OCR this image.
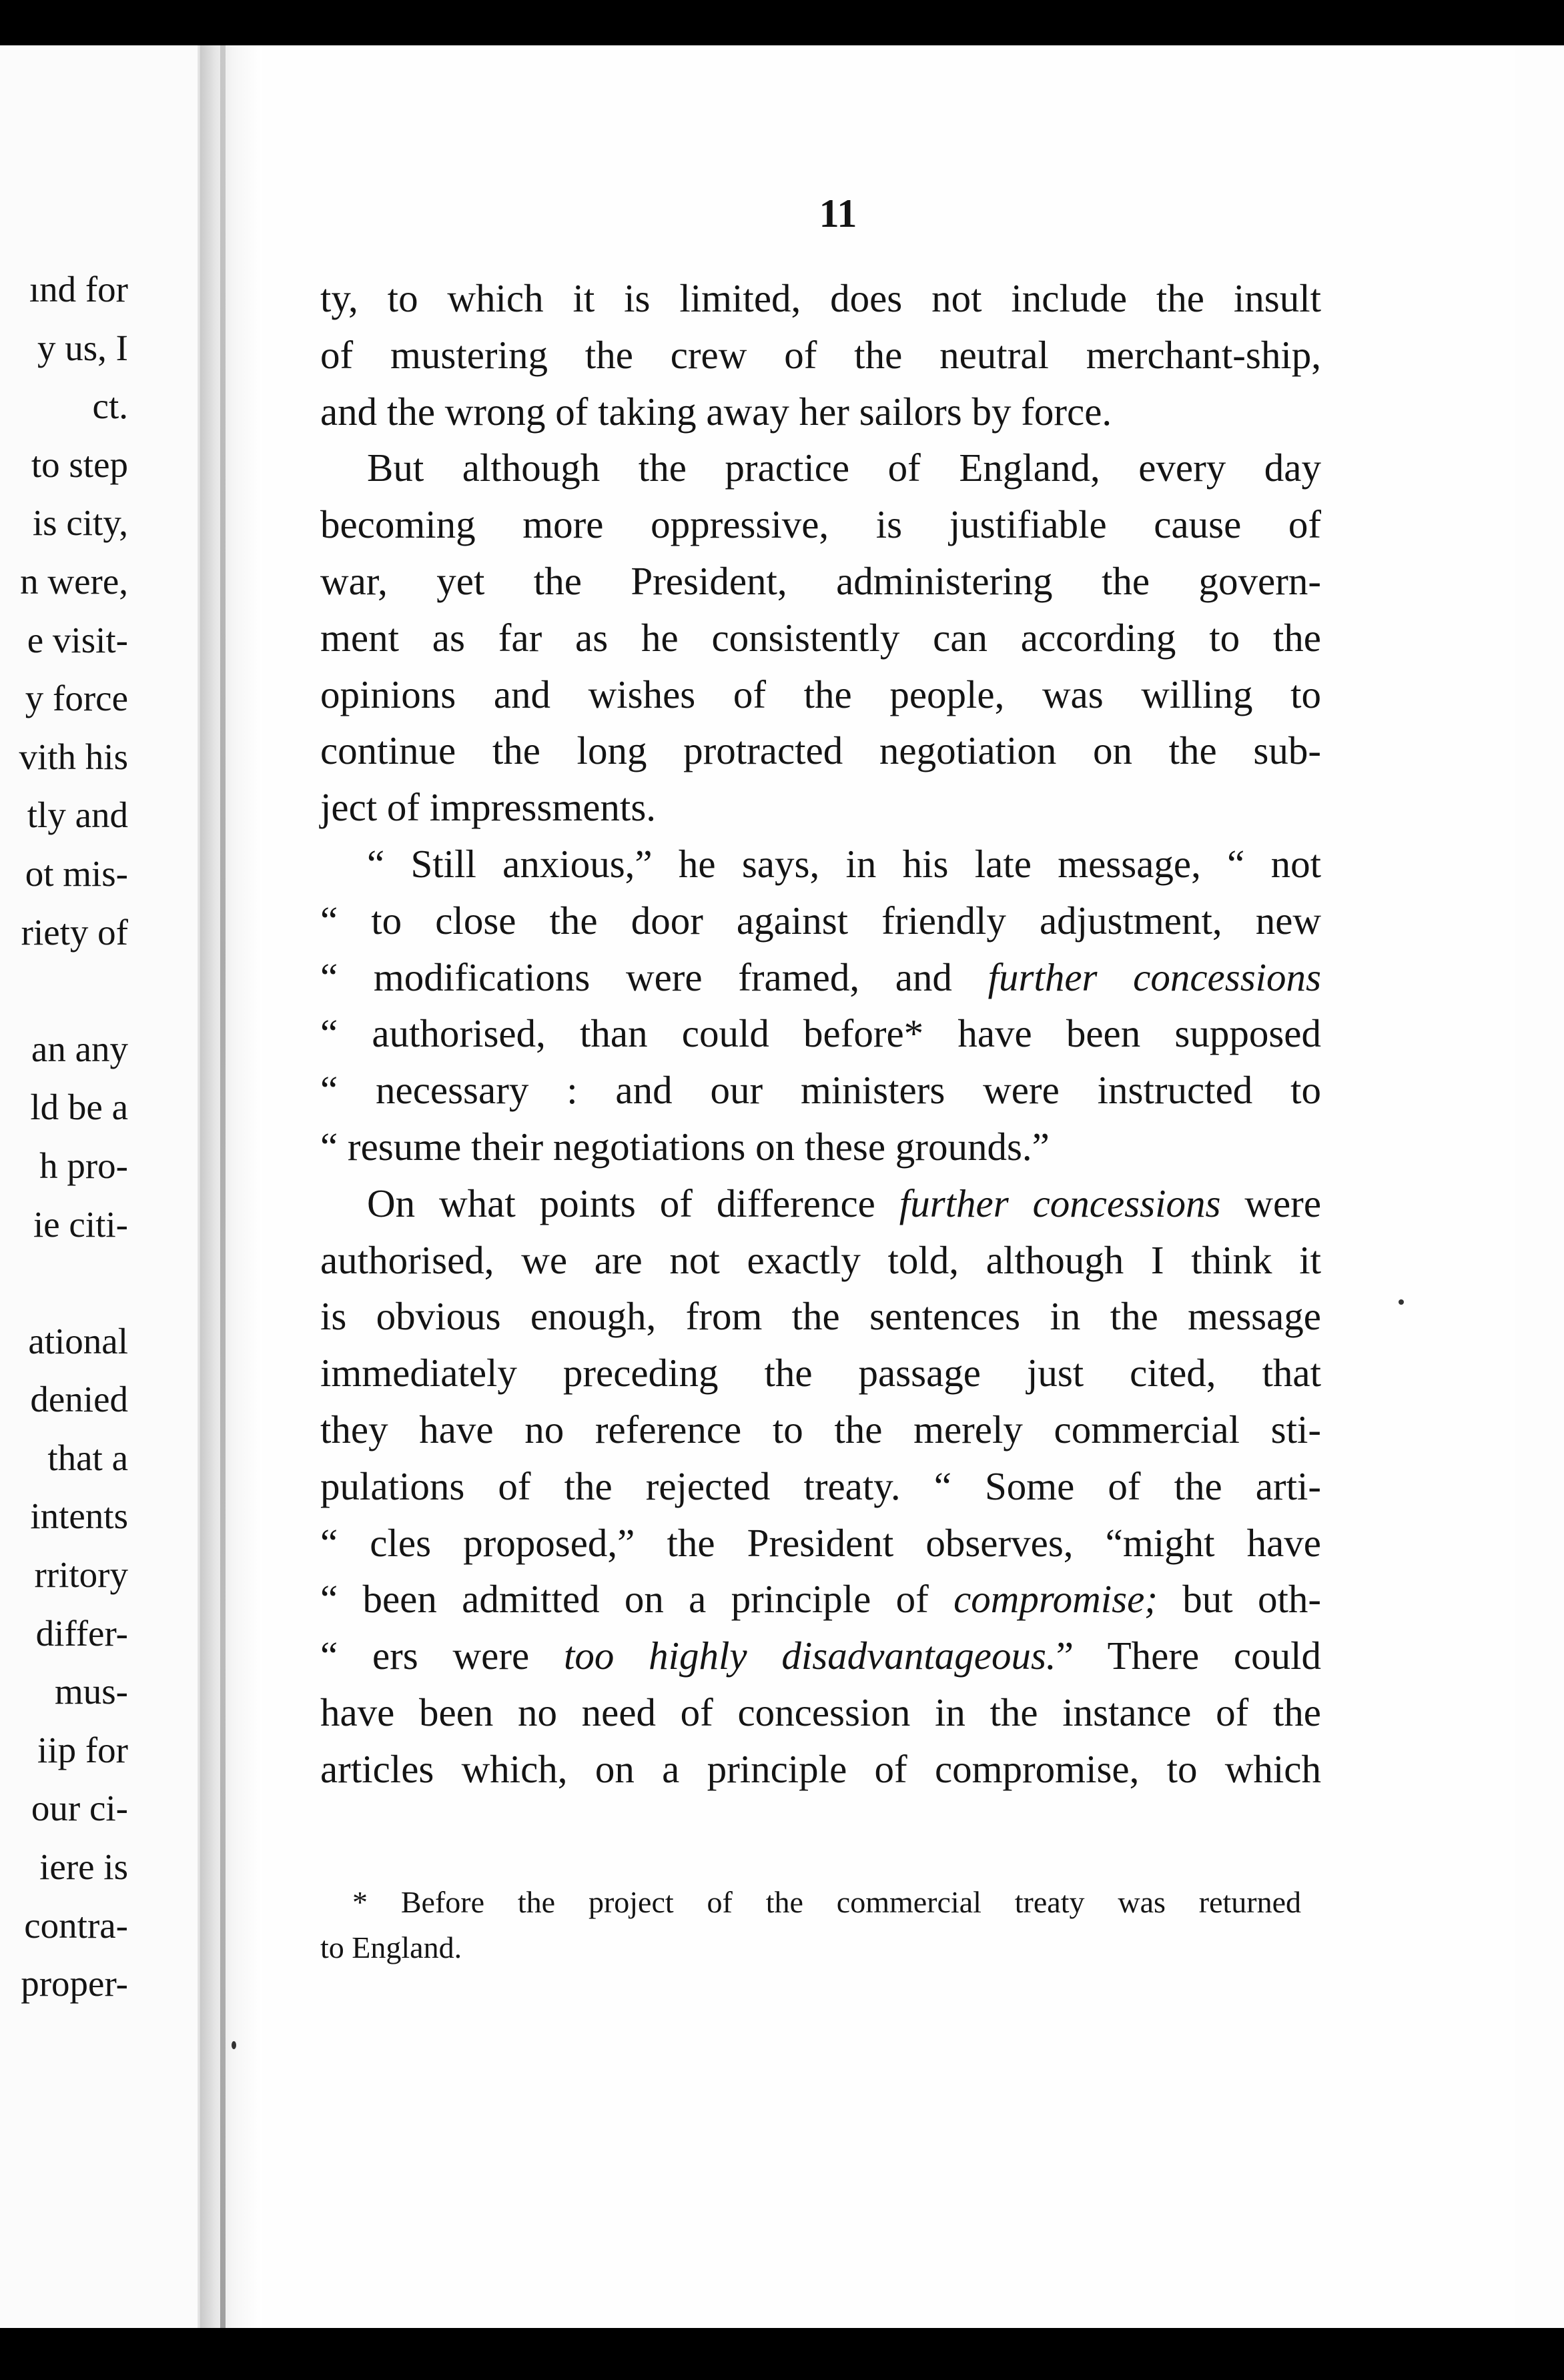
ınd for
y us, I
ct.
to step
is city,
n were,
e visit-
y force
vith his
tly and
ot mis-
riety of
an any
ld be a
h pro-
ie citi-
ational
denied
that a
intents
rritory
differ-
mus-
iip for
our ci-
iere is
contra-
proper-
11
ty, to which it is limited, does not include the insult
of mustering the crew of the neutral merchant-ship,
and the wrong of taking away her sailors by force.
But although the practice of England, every day
becoming more oppressive, is justifiable cause of
war, yet the President, administering the govern-
ment as far as he consistently can according to the
opinions and wishes of the people, was willing to
continue the long protracted negotiation on the sub-
ject of impressments.
“ Still anxious,” he says, in his late message, “ not
“ to close the door against friendly adjustment, new
“ modifications were framed, and further concessions
“ authorised, than could before* have been supposed
“ necessary : and our ministers were instructed to
“ resume their negotiations on these grounds.”
On what points of difference further concessions were
authorised, we are not exactly told, although I think it
is obvious enough, from the sentences in the message
immediately preceding the passage just cited, that
they have no reference to the merely commercial sti-
pulations of the rejected treaty. “ Some of the arti-
“ cles proposed,” the President observes, “might have
“ been admitted on a principle of compromise; but oth-
“ ers were too highly disadvantageous.” There could
have been no need of concession in the instance of the
articles which, on a principle of compromise, to which
* Before the project of the commercial treaty was returned
to England.
